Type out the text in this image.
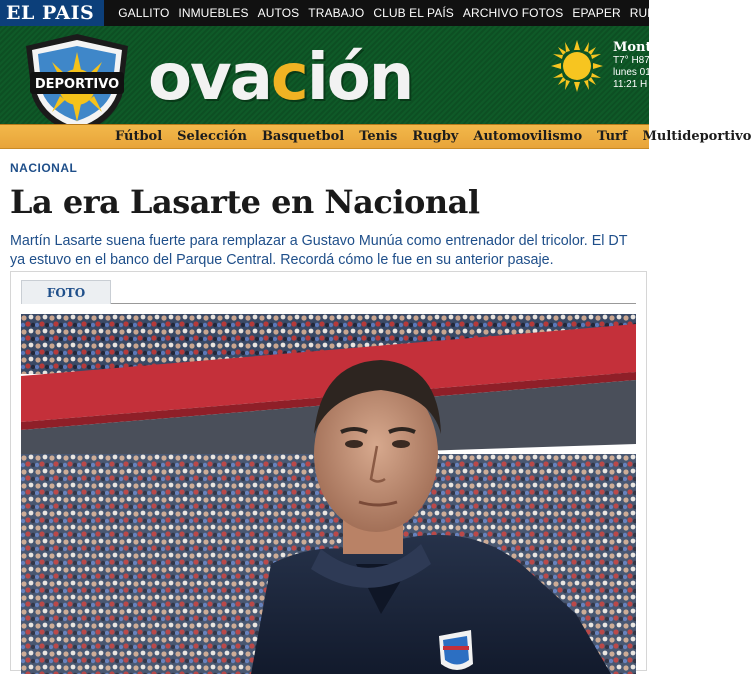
EL PAIS	GALLITO INMUEBLES AUTOS TRABAJO CLUB EL PAÍS ARCHIVO FOTOS EPAPER RURAL
DEPORTIVO ovación	Montevideo
T7° H87%
lunes 01
11:21 H
Fútbol Selección Basquetbol Tenis Rugby Automovilismo Turf Multideportivo
NACIONAL
La era Lasarte en Nacional

Martín Lasarte suena fuerte para remplazar a Gustavo Munúa como entrenador del tricolor. El DT ya estuvo en el banco del Parque Central. Recordá cómo le fue en su anterior pasaje.

FOTO
